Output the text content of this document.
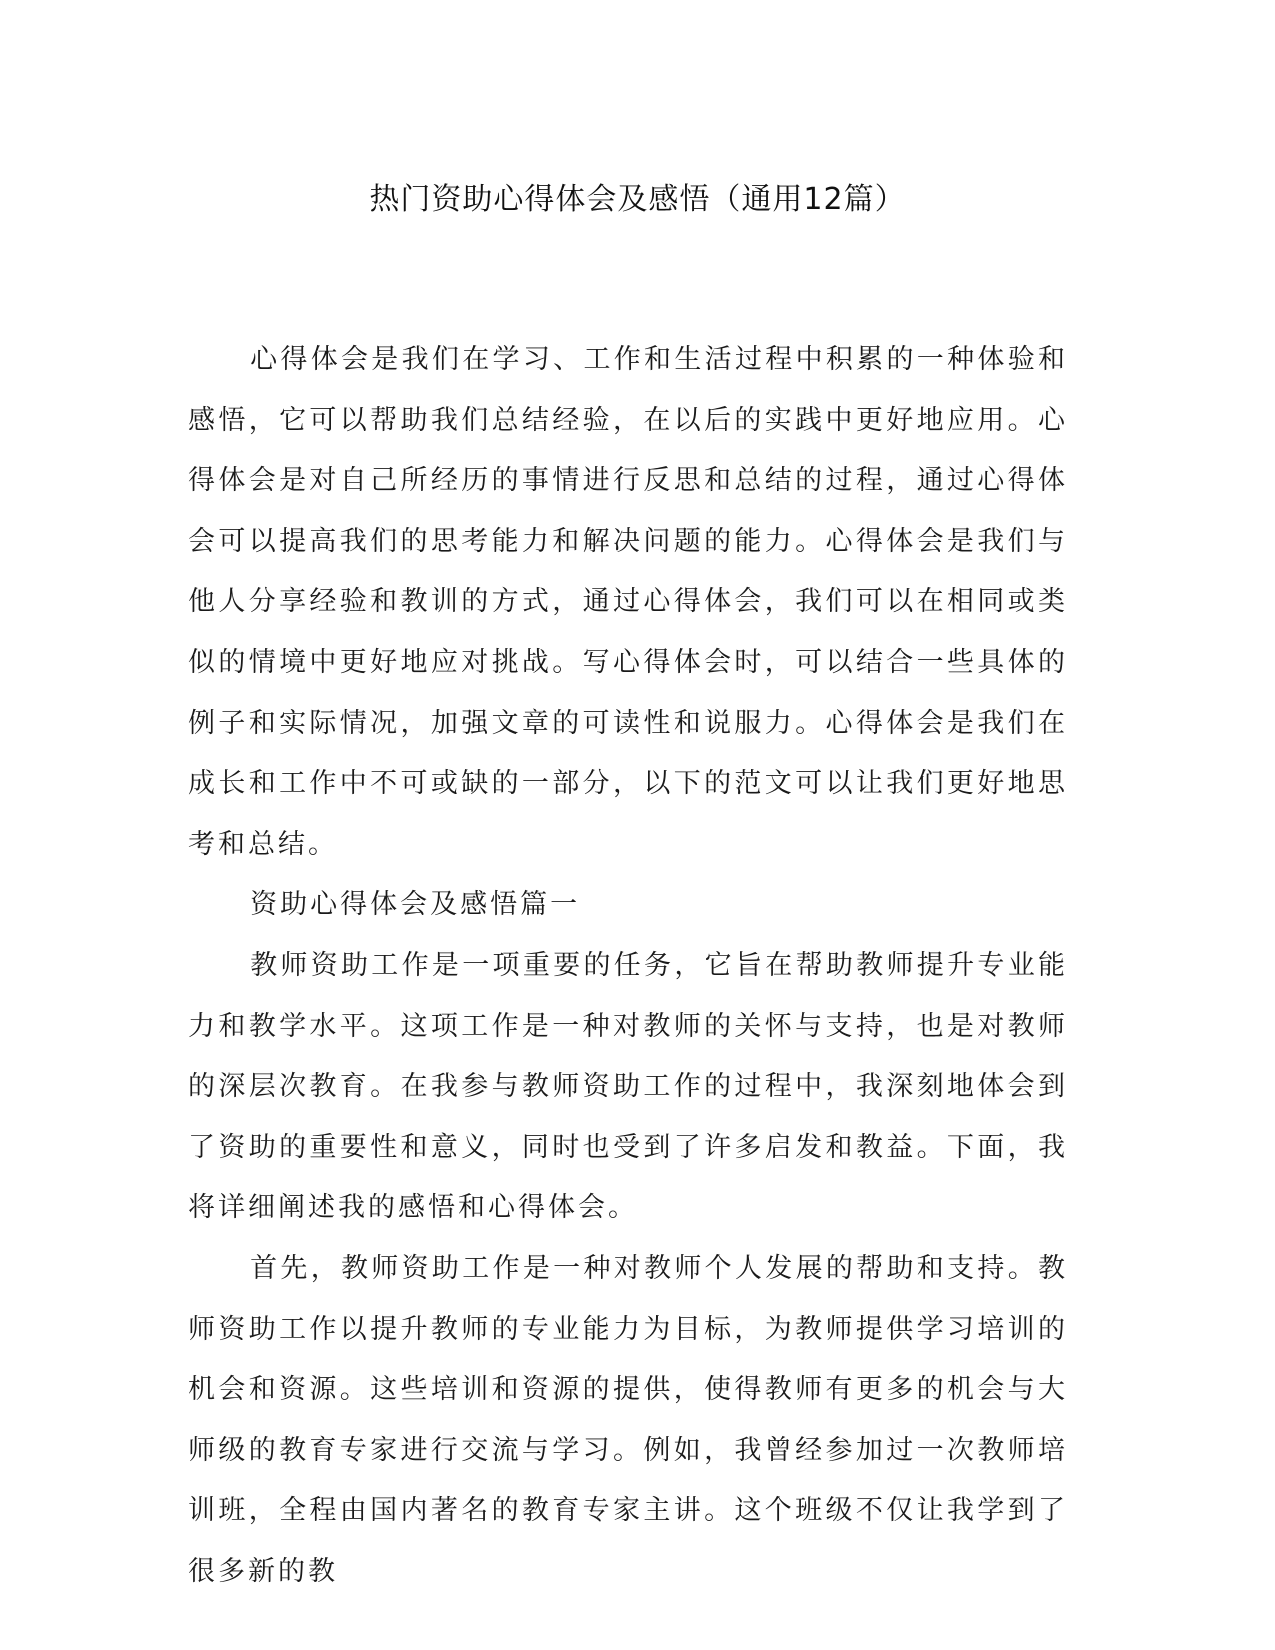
热门资助心得体会及感悟（通用12篇）

心得体会是我们在学习、工作和生活过程中积累的一种体验和感悟，它可以帮助我们总结经验，在以后的实践中更好地应用。心得体会是对自己所经历的事情进行反思和总结的过程，通过心得体会可以提高我们的思考能力和解决问题的能力。心得体会是我们与他人分享经验和教训的方式，通过心得体会，我们可以在相同或类似的情境中更好地应对挑战。写心得体会时，可以结合一些具体的例子和实际情况，加强文章的可读性和说服力。心得体会是我们在成长和工作中不可或缺的一部分，以下的范文可以让我们更好地思考和总结。

资助心得体会及感悟篇一

教师资助工作是一项重要的任务，它旨在帮助教师提升专业能力和教学水平。这项工作是一种对教师的关怀与支持，也是对教师的深层次教育。在我参与教师资助工作的过程中，我深刻地体会到了资助的重要性和意义，同时也受到了许多启发和教益。下面，我将详细阐述我的感悟和心得体会。

首先，教师资助工作是一种对教师个人发展的帮助和支持。教师资助工作以提升教师的专业能力为目标，为教师提供学习培训的机会和资源。这些培训和资源的提供，使得教师有更多的机会与大师级的教育专家进行交流与学习。例如，我曾经参加过一次教师培训班，全程由国内著名的教育专家主讲。这个班级不仅让我学到了很多新的教
